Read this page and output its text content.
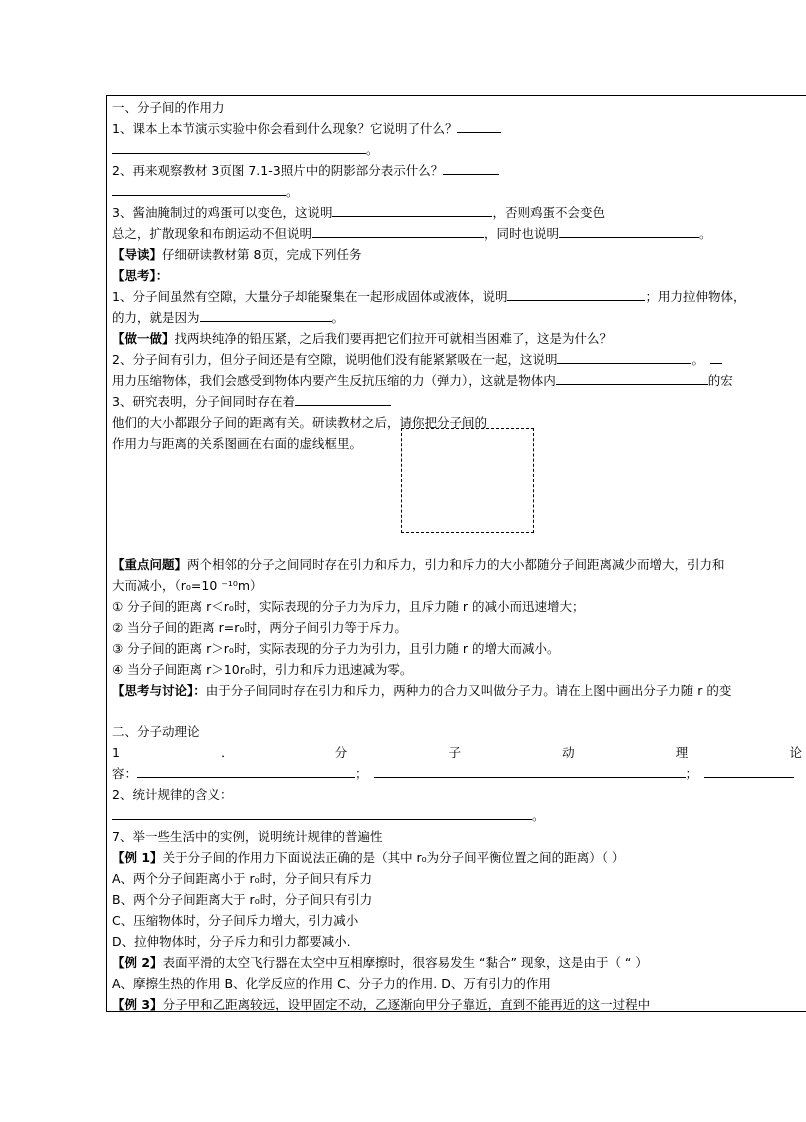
一、分子间的作用力
1、课本上本节演示实验中你会看到什么现象？它说明了什么？
。
2、再来观察教材 3页图 7.1-3照片中的阴影部分表示什么？
。
3、酱油腌制过的鸡蛋可以变色，这说明	，否则鸡蛋不会变色
总之，扩散现象和布朗运动不但说明	，同时也说明	。
【导读】仔细研读教材第 8页，完成下列任务
【思考】：
1、分子间虽然有空隙，大量分子却能聚集在一起形成固体或液体，说明	；用力拉伸物体，
的力，就是因为	。
【做一做】找两块纯净的铅压紧，之后我们要再把它们拉开可就相当困难了，这是为什么？
2、分子间有引力，但分子间还是有空隙，说明他们没有能紧紧吸在一起，这说明	。
用力压缩物体，我们会感受到物体内要产生反抗压缩的力（弹力），这就是物体内	的宏
3、研究表明，分子间同时存在着
他们的大小都跟分子间的距离有关。研读教材之后，请你把分子间的
作用力与距离的关系图画在右面的虚线框里。
【重点问题】两个相邻的分子之间同时存在引力和斥力，引力和斥力的大小都随分子间距离减少而增大，引力和
大而减小，（r₀=10 ⁻¹⁰m）
① 分子间的距离 r＜r₀时，实际表现的分子力为斥力，且斥力随 r 的减小而迅速增大；
② 当分子间的距离 r=r₀时，两分子间引力等于斥力。
③ 分子间的距离 r＞r₀时，实际表现的分子力为引力，且引力随 r 的增大而减小。
④ 当分子间距离 r＞10r₀时，引力和斥力迅速减为零。
【思考与讨论】：由于分子间同时存在引力和斥力，两种力的合力又叫做分子力。请在上图中画出分子力随 r 的变
二、分子动理论
1	．	分	子	动	理	论
容：	；	；
2、统计规律的含义：
。
7、举一些生活中的实例，说明统计规律的普遍性
【例 1】关于分子间的作用力下面说法正确的是（其中 r₀为分子间平衡位置之间的距离）（ ）
A、两个分子间距离小于 r₀时，分子间只有斥力
B、两个分子间距离大于 r₀时，分子间只有引力
C、压缩物体时，分子间斥力增大，引力减小
D、拉伸物体时，分子斥力和引力都要减小.
【例 2】表面平滑的太空飞行器在太空中互相摩擦时，很容易发生 “黏合” 现象，这是由于（ “ ）
A、摩擦生热的作用 B、化学反应的作用 C、分子力的作用. D、万有引力的作用
【例 3】分子甲和乙距离较远，设甲固定不动，乙逐渐向甲分子靠近，直到不能再近的这一过程中
